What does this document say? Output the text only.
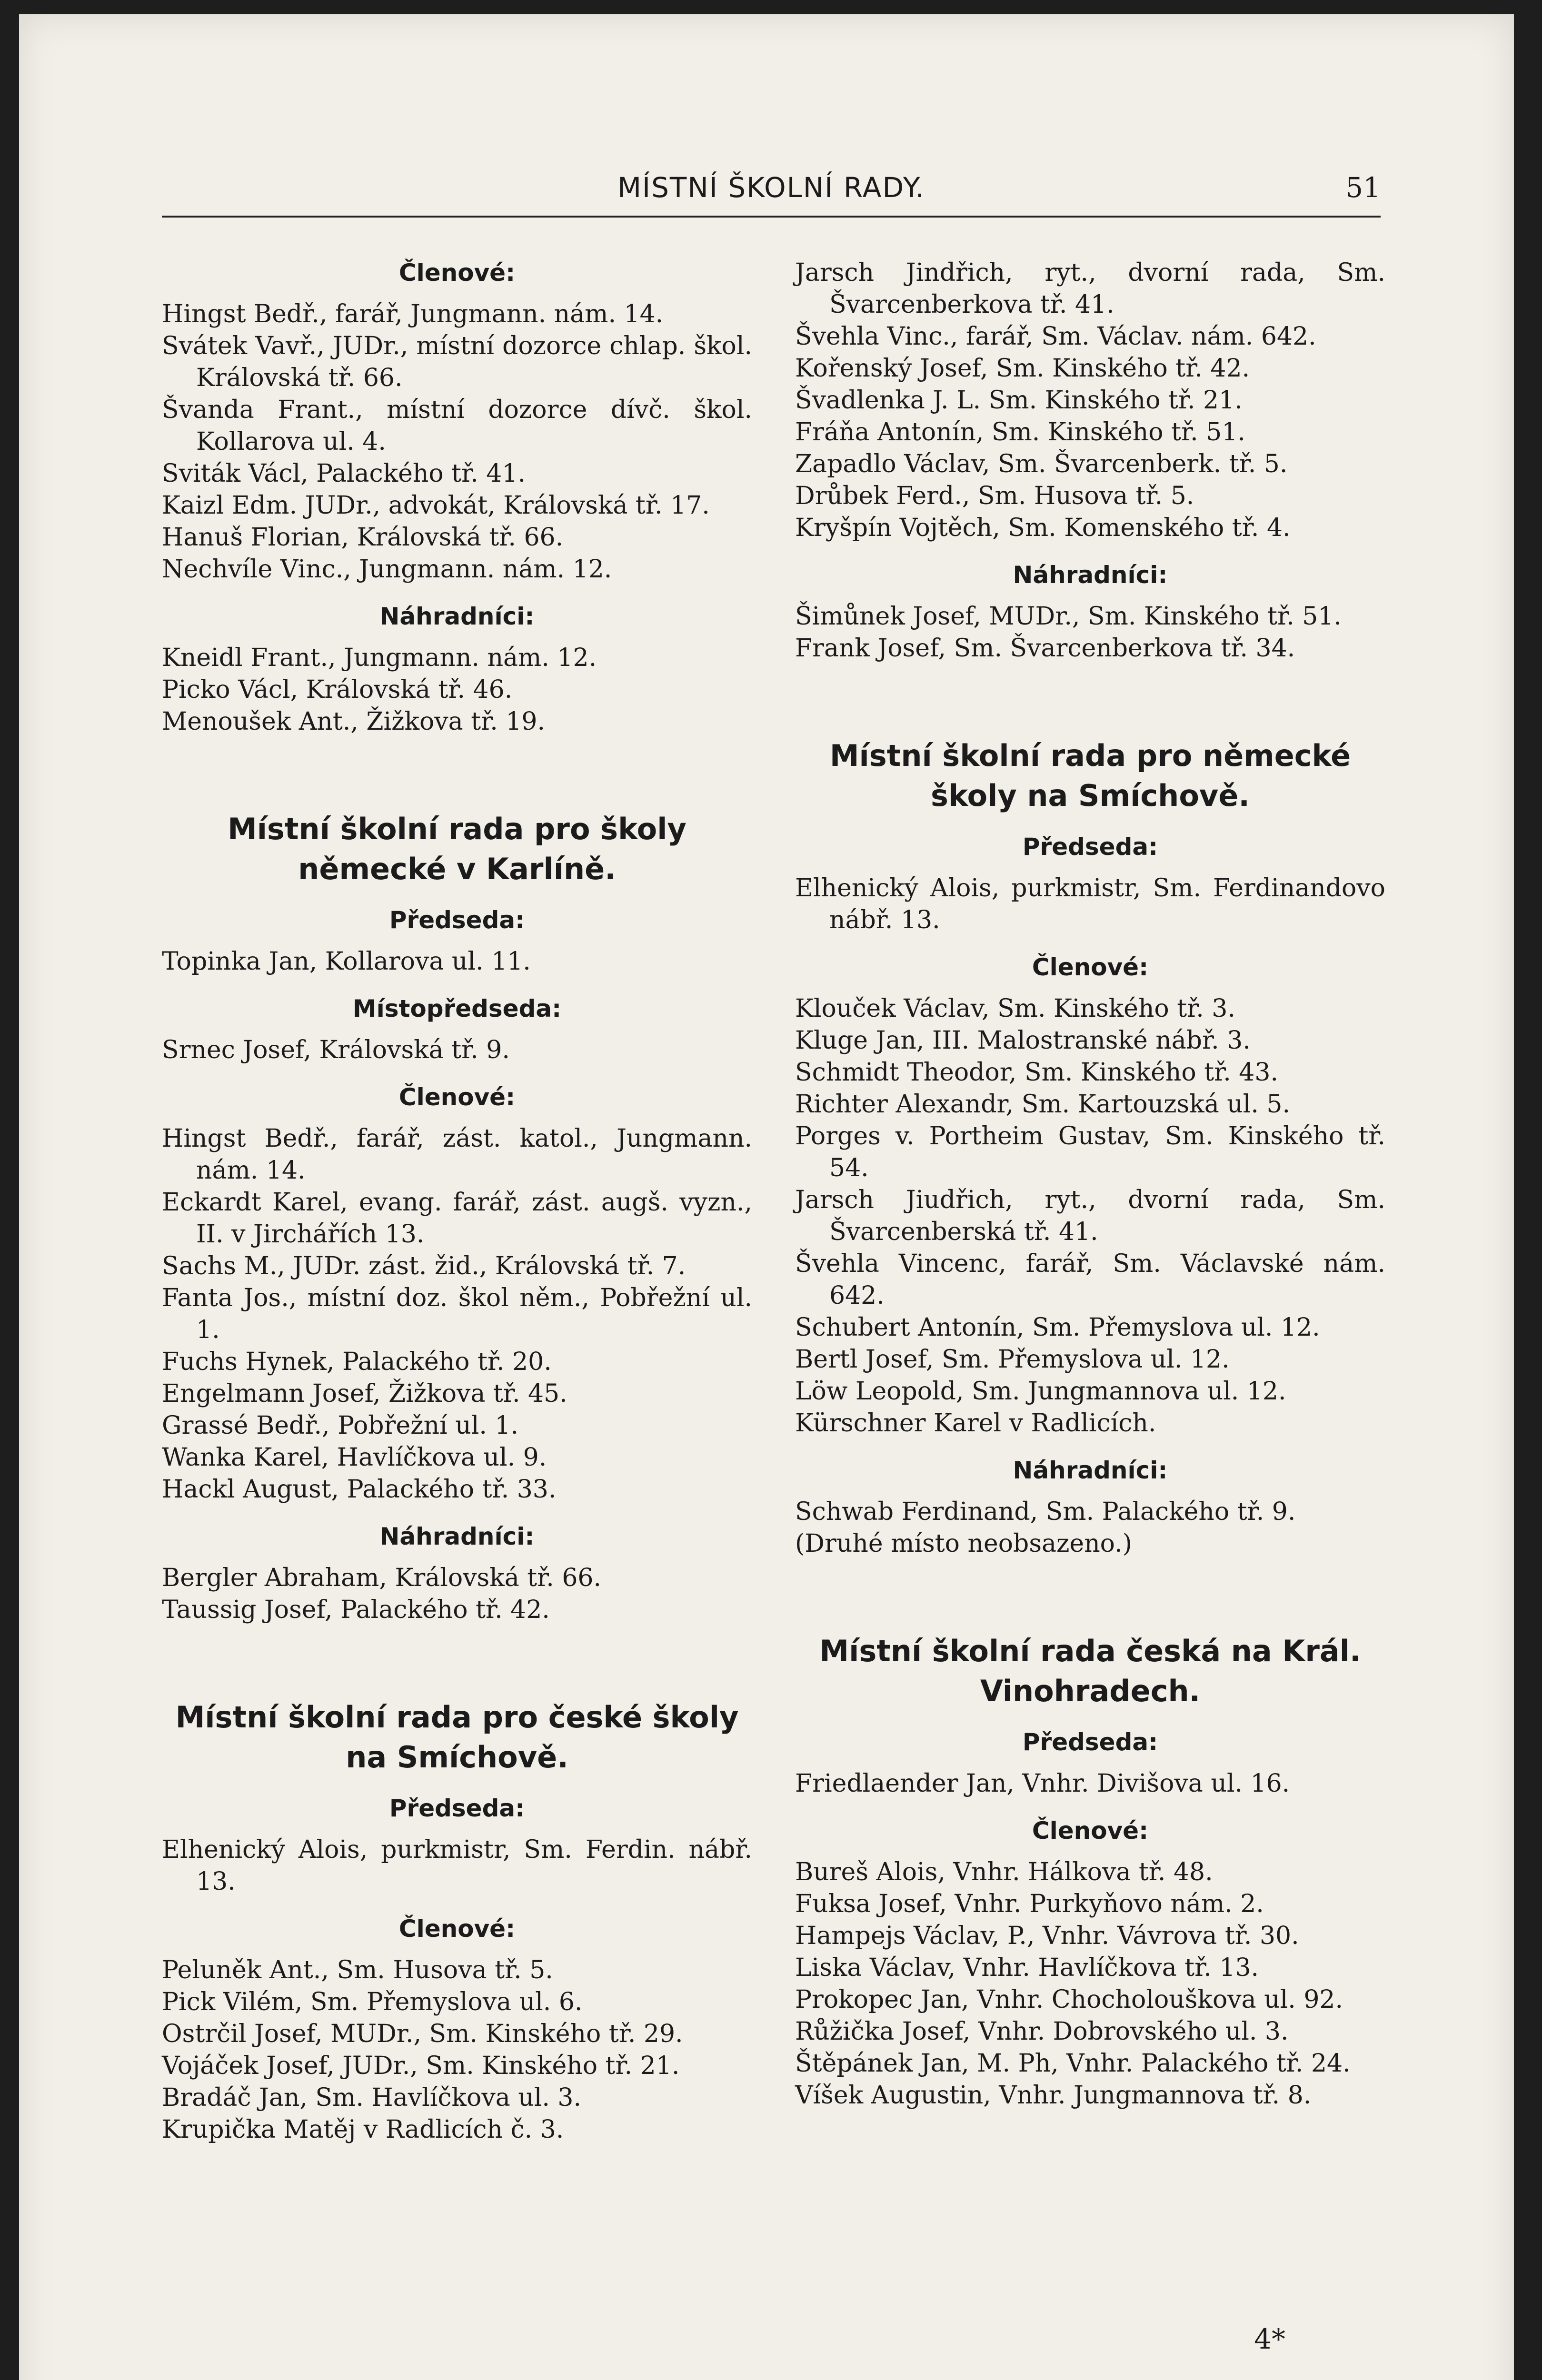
MÍSTNÍ ŠKOLNÍ RADY.	51
Členové:

Hingst Bedř., farář, Jungmann. nám. 14.

Svátek Vavř., JUDr., místní dozorce chlap. škol. Královská tř. 66.

Švanda Frant., místní dozorce dívč. škol. Kollarova ul. 4.

Sviták Václ, Palackého tř. 41.

Kaizl Edm. JUDr., advokát, Královská tř. 17.

Hanuš Florian, Královská tř. 66.

Nechvíle Vinc., Jungmann. nám. 12.

Náhradníci:

Kneidl Frant., Jungmann. nám. 12.

Picko Václ, Královská tř. 46.

Menoušek Ant., Žižkova tř. 19.

Místní školní rada pro školy německé v Karlíně.
Předseda:

Topinka Jan, Kollarova ul. 11.

Místopředseda:

Srnec Josef, Královská tř. 9.

Členové:

Hingst Bedř., farář, zást. katol., Jungmann. nám. 14.

Eckardt Karel, evang. farář, zást. augš. vyzn., II. v Jirchářích 13.

Sachs M., JUDr. zást. žid., Královská tř. 7.

Fanta Jos., místní doz. škol něm., Pobřežní ul. 1.

Fuchs Hynek, Palackého tř. 20.

Engelmann Josef, Žižkova tř. 45.

Grassé Bedř., Pobřežní ul. 1.

Wanka Karel, Havlíčkova ul. 9.

Hackl August, Palackého tř. 33.

Náhradníci:

Bergler Abraham, Královská tř. 66.

Taussig Josef, Palackého tř. 42.

Místní školní rada pro české školy na Smíchově.
Předseda:

Elhenický Alois, purkmistr, Sm. Ferdin. nábř. 13.

Členové:

Peluněk Ant., Sm. Husova tř. 5.

Pick Vilém, Sm. Přemyslova ul. 6.

Ostrčil Josef, MUDr., Sm. Kinského tř. 29.

Vojáček Josef, JUDr., Sm. Kinského tř. 21.

Bradáč Jan, Sm. Havlíčkova ul. 3.

Krupička Matěj v Radlicích č. 3.

Jarsch Jindřich, ryt., dvorní rada, Sm. Švarcenberkova tř. 41.

Švehla Vinc., farář, Sm. Václav. nám. 642.

Kořenský Josef, Sm. Kinského tř. 42.

Švadlenka J. L. Sm. Kinského tř. 21.

Fráňa Antonín, Sm. Kinského tř. 51.

Zapadlo Václav, Sm. Švarcenberk. tř. 5.

Drůbek Ferd., Sm. Husova tř. 5.

Kryšpín Vojtěch, Sm. Komenského tř. 4.

Náhradníci:

Šimůnek Josef, MUDr., Sm. Kinského tř. 51.

Frank Josef, Sm. Švarcenberkova tř. 34.

Místní školní rada pro německé školy na Smíchově.
Předseda:

Elhenický Alois, purkmistr, Sm. Ferdinandovo nábř. 13.

Členové:

Klouček Václav, Sm. Kinského tř. 3.

Kluge Jan, III. Malostranské nábř. 3.

Schmidt Theodor, Sm. Kinského tř. 43.

Richter Alexandr, Sm. Kartouzská ul. 5.

Porges v. Portheim Gustav, Sm. Kinského tř. 54.

Jarsch Jiudřich, ryt., dvorní rada, Sm. Švarcenberská tř. 41.

Švehla Vincenc, farář, Sm. Václavské nám. 642.

Schubert Antonín, Sm. Přemyslova ul. 12.

Bertl Josef, Sm. Přemyslova ul. 12.

Löw Leopold, Sm. Jungmannova ul. 12.

Kürschner Karel v Radlicích.

Náhradníci:

Schwab Ferdinand, Sm. Palackého tř. 9.

(Druhé místo neobsazeno.)

Místní školní rada česká na Král. Vinohradech.
Předseda:

Friedlaender Jan, Vnhr. Divišova ul. 16.

Členové:

Bureš Alois, Vnhr. Hálkova tř. 48.

Fuksa Josef, Vnhr. Purkyňovo nám. 2.

Hampejs Václav, P., Vnhr. Vávrova tř. 30.

Liska Václav, Vnhr. Havlíčkova tř. 13.

Prokopec Jan, Vnhr. Chocholouškova ul. 92.

Růžička Josef, Vnhr. Dobrovského ul. 3.

Štěpánek Jan, M. Ph, Vnhr. Palackého tř. 24.

Víšek Augustin, Vnhr. Jungmannova tř. 8.

4*
